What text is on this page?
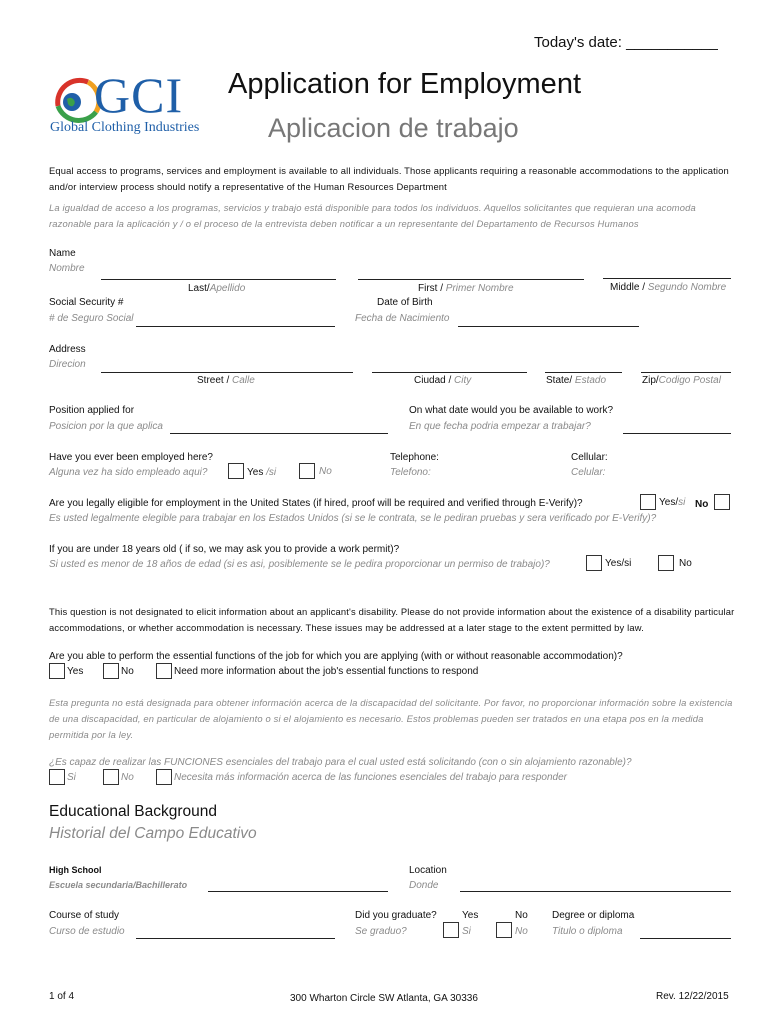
Today's date: ___________
GCI
Global Clothing Industries
Application for Employment
Aplicacion de trabajo
Equal access to programs, services and employment is available to all individuals. Those applicants requiring a reasonable accommodations to the application and/or interview process should notify a representative of the Human Resources Department
La igualdad de acceso a los programas, servicios y trabajo está disponible para todos los individuos. Aquellos solicitantes que requieran una acomoda razonable para la aplicación y / o el proceso de la entrevista deben notificar a un representante del Departamento de Recursos Humanos
Name
Nombre
Last/Apellido	First / Primer Nombre	Middle / Segundo Nombre
Social Security #
# de Seguro Social
Date of Birth
Fecha de Nacimiento
Address
Direcion
Street / Calle	Ciudad / City	State/ Estado	Zip/Codigo Postal
Position applied for
Posicion por la que aplica
On what date would you be available to work?
En que fecha podria empezar a trabajar?
Have you ever been employed here?
Alguna vez ha sido empleado aqui?	Yes /si	No
Telephone:
Telefono:
Cellular:
Celular:
Are you legally eligible for employment in the United States (if hired, proof will be required and verified through E-Verify)?
Es usted legalmente elegible para trabajar en los Estados Unidos (si se le contrata, se le pediran pruebas y sera verificado por E-Verify)?
Yes/si No
If you are under 18 years old ( if so, we may ask you to provide a work permit)?
Si usted es menor de 18 años de edad (si es asi, posiblemente se le pedira proporcionar un permiso de trabajo)?	Yes/si	No
This question is not designated to elicit information about an applicant's disability. Please do not provide information about the existence of a disability particular accommodations, or whether accommodation is necessary. These issues may be addressed at a later stage to the extent permitted by law.
Are you able to perform the essential functions of the job for which you are applying (with or without reasonable accommodation)?
Yes	No	Need more information about the job's essential functions to respond
Esta pregunta no está designada para obtener información acerca de la discapacidad del solicitante. Por favor, no proporcionar información sobre la existencia de una discapacidad, en particular de alojamiento o si el alojamiento es necesario. Estos problemas pueden ser tratados en una etapa pos en la medida permitida por la ley.
¿Es capaz de realizar las FUNCIONES esenciales del trabajo para el cual usted está solicitando (con o sin alojamiento razonable)?
Si	No	Necesita más información acerca de las funciones esenciales del trabajo para responder
Educational Background
Historial del Campo Educativo
High School
Escuela secundaria/Bachillerato
Location
Donde
Course of study
Curso de estudio
Did you graduate?
Se graduo?
Yes
Si
No
No
Degree or diploma
Titulo o diploma
1 of 4	300 Wharton Circle SW Atlanta, GA 30336	Rev. 12/22/2015
